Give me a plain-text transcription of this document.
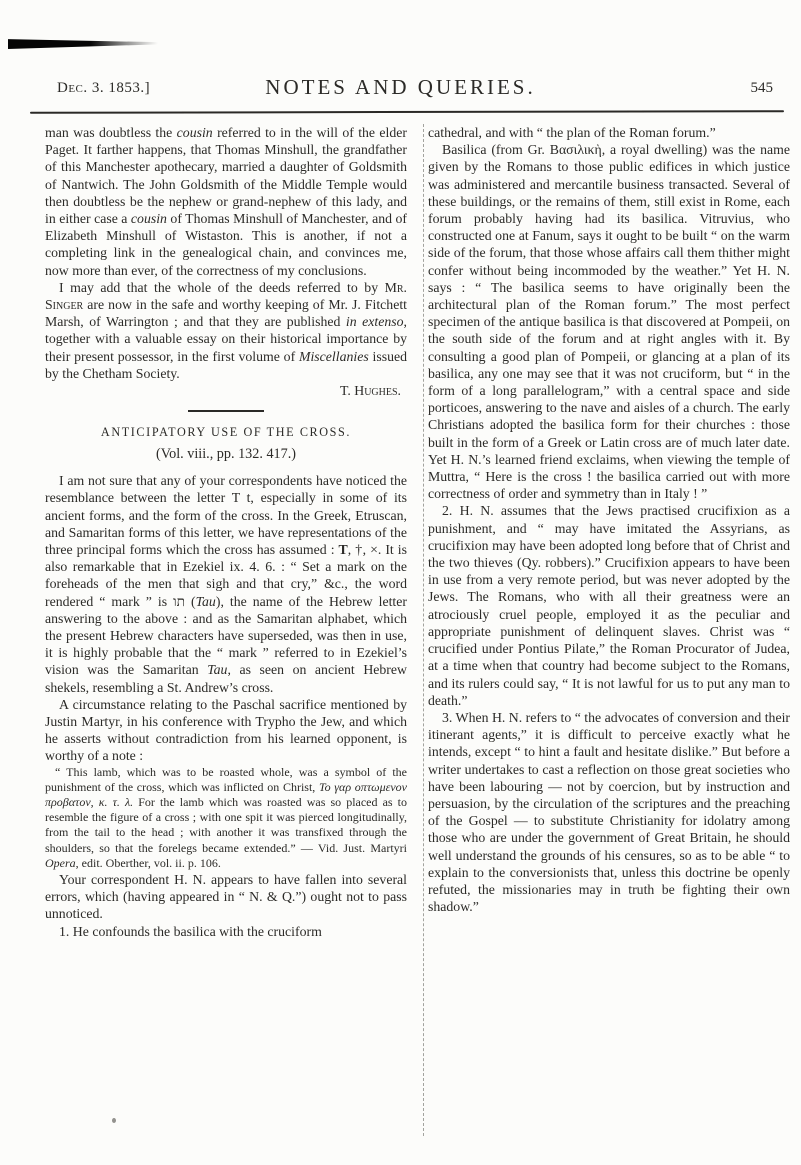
Dec. 3. 1853.]	NOTES AND QUERIES.	545

man was doubtless the cousin referred to in the will of the elder Paget. It farther happens, that Thomas Minshull, the grandfather of this Manchester apothecary, married a daughter of Goldsmith of Nantwich. The John Goldsmith of the Middle Temple would then doubtless be the nephew or grand-nephew of this lady, and in either case a cousin of Thomas Minshull of Manchester, and of Elizabeth Minshull of Wistaston. This is another, if not a completing link in the genealogical chain, and convinces me, now more than ever, of the correctness of my conclusions.

I may add that the whole of the deeds referred to by Mr. Singer are now in the safe and worthy keeping of Mr. J. Fitchett Marsh, of Warrington ; and that they are published in extenso, together with a valuable essay on their historical importance by their present possessor, in the first volume of Miscellanies issued by the Chetham Society.

T. Hughes.

ANTICIPATORY USE OF THE CROSS.
(Vol. viii., pp. 132. 417.)

I am not sure that any of your correspondents have noticed the resemblance between the letter T t, especially in some of its ancient forms, and the form of the cross. In the Greek, Etruscan, and Samaritan forms of this letter, we have representations of the three principal forms which the cross has assumed : T, †, ×. It is also remarkable that in Ezekiel ix. 4. 6. : “ Set a mark on the foreheads of the men that sigh and that cry,” &c., the word rendered “ mark ” is תו (Tau), the name of the Hebrew letter answering to the above : and as the Samaritan alphabet, which the present Hebrew characters have superseded, was then in use, it is highly probable that the “ mark ” referred to in Ezekiel’s vision was the Samaritan Tau, as seen on ancient Hebrew shekels, resembling a St. Andrew’s cross.

A circumstance relating to the Paschal sacrifice mentioned by Justin Martyr, in his conference with Trypho the Jew, and which he asserts without contradiction from his learned opponent, is worthy of a note :

“ This lamb, which was to be roasted whole, was a symbol of the punishment of the cross, which was inflicted on Christ, Το γαρ οπτωμενον προβατον, κ. τ. λ. For the lamb which was roasted was so placed as to resemble the figure of a cross ; with one spit it was pierced longitudinally, from the tail to the head ; with another it was transfixed through the shoulders, so that the forelegs became extended.” — Vid. Just. Martyri Opera, edit. Oberther, vol. ii. p. 106.

Your correspondent H. N. appears to have fallen into several errors, which (having appeared in “ N. & Q.”) ought not to pass unnoticed.

1. He confounds the basilica with the cruciform

cathedral, and with “ the plan of the Roman forum.”

Basilica (from Gr. Βασιλικὴ, a royal dwelling) was the name given by the Romans to those public edifices in which justice was administered and mercantile business transacted. Several of these buildings, or the remains of them, still exist in Rome, each forum probably having had its basilica. Vitruvius, who constructed one at Fanum, says it ought to be built “ on the warm side of the forum, that those whose affairs call them thither might confer without being incommoded by the weather.” Yet H. N. says : “ The basilica seems to have originally been the architectural plan of the Roman forum.” The most perfect specimen of the antique basilica is that discovered at Pompeii, on the south side of the forum and at right angles with it. By consulting a good plan of Pompeii, or glancing at a plan of its basilica, any one may see that it was not cruciform, but “ in the form of a long parallelogram,” with a central space and side porticoes, answering to the nave and aisles of a church. The early Christians adopted the basilica form for their churches : those built in the form of a Greek or Latin cross are of much later date. Yet H. N.’s learned friend exclaims, when viewing the temple of Muttra, “ Here is the cross ! the basilica carried out with more correctness of order and symmetry than in Italy ! ”

2. H. N. assumes that the Jews practised crucifixion as a punishment, and “ may have imitated the Assyrians, as crucifixion may have been adopted long before that of Christ and the two thieves (Qy. robbers).” Crucifixion appears to have been in use from a very remote period, but was never adopted by the Jews. The Romans, who with all their greatness were an atrociously cruel people, employed it as the peculiar and appropriate punishment of delinquent slaves. Christ was “ crucified under Pontius Pilate,” the Roman Procurator of Judea, at a time when that country had become subject to the Romans, and its rulers could say, “ It is not lawful for us to put any man to death.”

3. When H. N. refers to “ the advocates of conversion and their itinerant agents,” it is difficult to perceive exactly what he intends, except “ to hint a fault and hesitate dislike.” But before a writer undertakes to cast a reflection on those great societies who have been labouring — not by coercion, but by instruction and persuasion, by the circulation of the scriptures and the preaching of the Gospel — to substitute Christianity for idolatry among those who are under the government of Great Britain, he should well understand the grounds of his censures, so as to be able “ to explain to the conversionists that, unless this doctrine be openly refuted, the missionaries may in truth be fighting their own shadow.”
